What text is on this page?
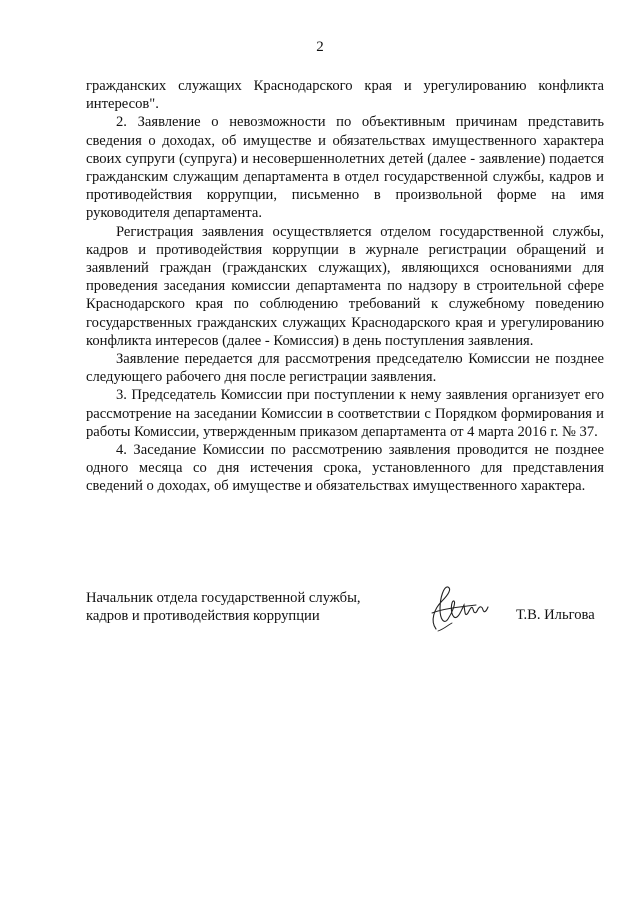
2

гражданских служащих Краснодарского края и урегулированию конфликта интересов".

2. Заявление о невозможности по объективным причинам представить сведения о доходах, об имуществе и обязательствах имущественного характера своих супруги (супруга) и несовершеннолетних детей (далее - заявление) подается гражданским служащим департамента в отдел государственной службы, кадров и противодействия коррупции, письменно в произвольной форме на имя руководителя департамента.

Регистрация заявления осуществляется отделом государственной службы, кадров и противодействия коррупции в журнале регистрации обращений и заявлений граждан (гражданских служащих), являющихся основаниями для проведения заседания комиссии департамента по надзору в строительной сфере Краснодарского края по соблюдению требований к служебному поведению государственных гражданских служащих Краснодарского края и урегулированию конфликта интересов (далее - Комиссия) в день поступления заявления.

Заявление передается для рассмотрения председателю Комиссии не позднее следующего рабочего дня после регистрации заявления.

3. Председатель Комиссии при поступлении к нему заявления организует его рассмотрение на заседании Комиссии в соответствии с Порядком формирования и работы Комиссии, утвержденным приказом департамента от 4 марта 2016 г. № 37.

4. Заседание Комиссии по рассмотрению заявления проводится не позднее одного месяца со дня истечения срока, установленного для представления сведений о доходах, об имуществе и обязательствах имущественного характера.

Начальник отдела государственной службы,
кадров и противодействия коррупции	Т.В. Ильгова
